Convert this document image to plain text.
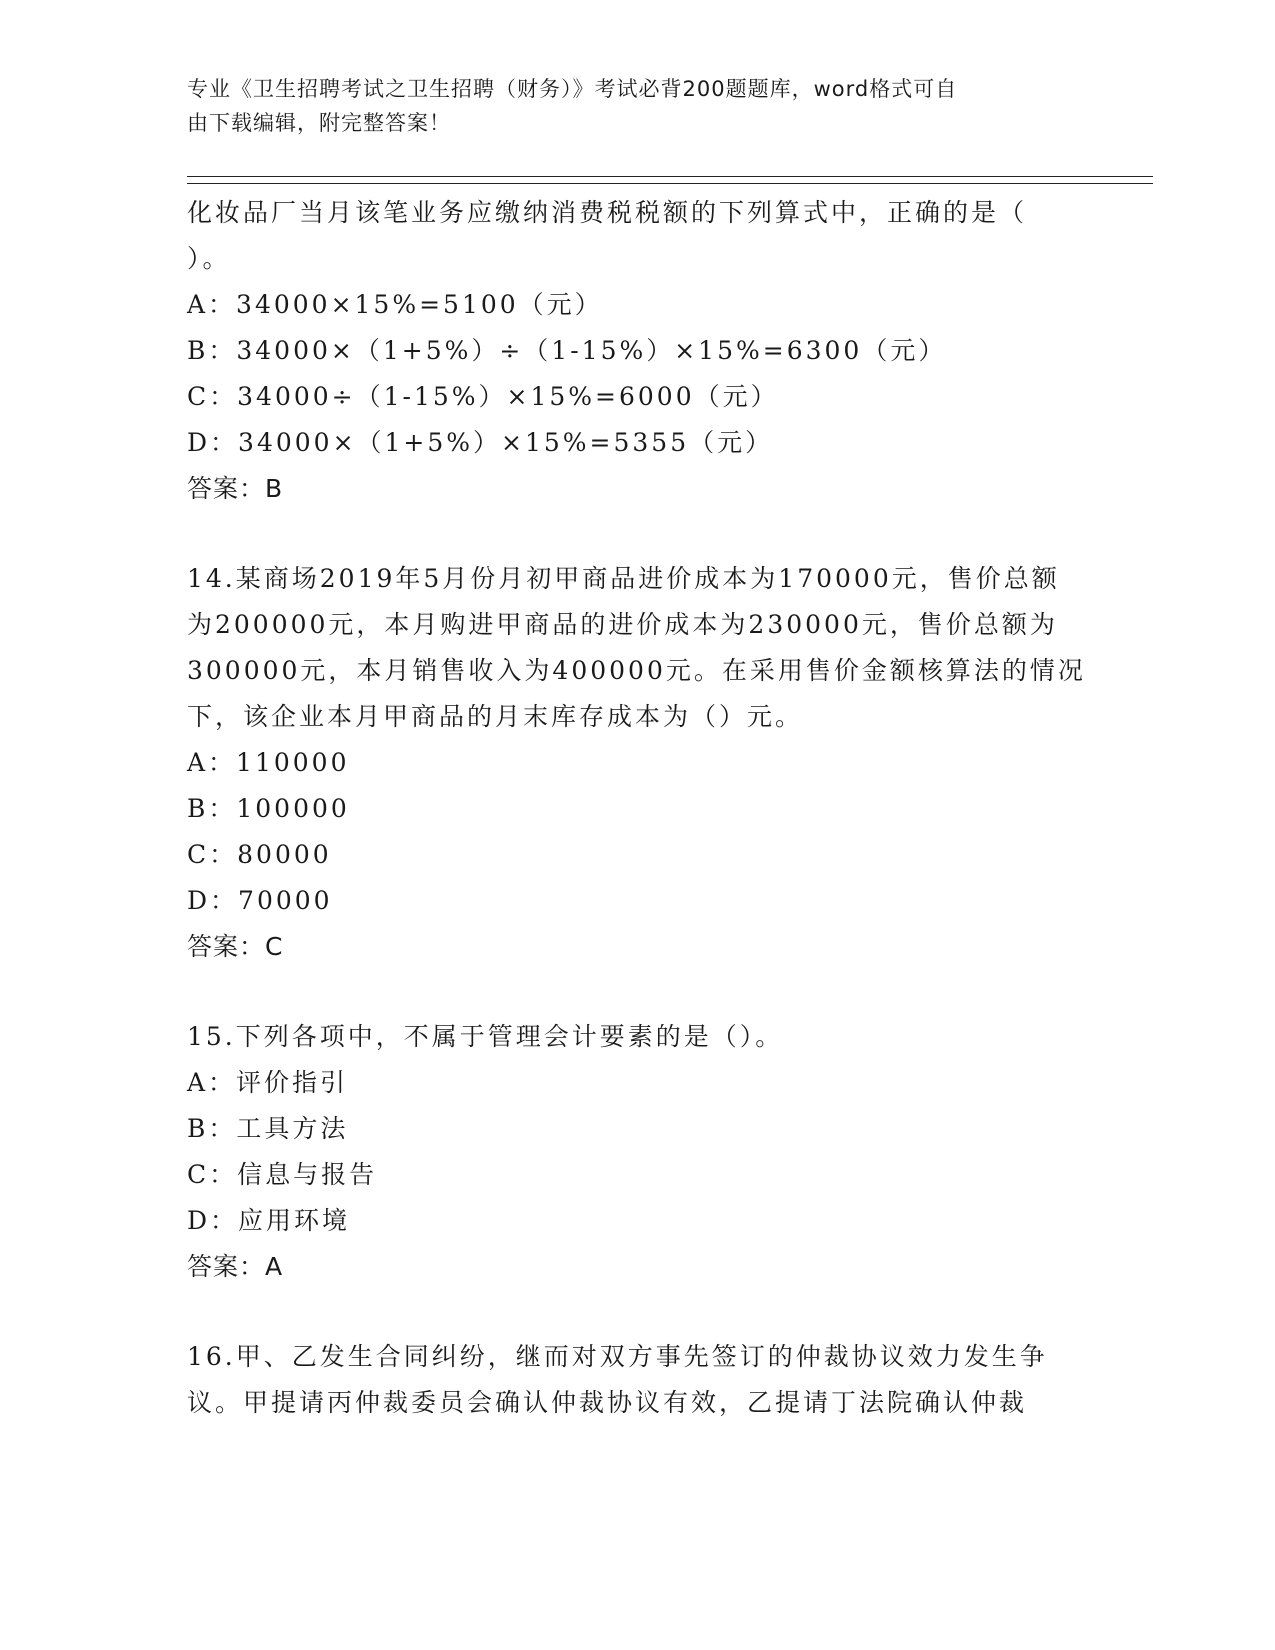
专业《卫生招聘考试之卫生招聘（财务）》考试必背200题题库，word格式可自
由下载编辑，附完整答案！
化妆品厂当月该笔业务应缴纳消费税税额的下列算式中，正确的是（
）。
A：34000×15%=5100（元）
B：34000×（1+5%）÷（1-15%）×15%=6300（元）
C：34000÷（1-15%）×15%=6000（元）
D：34000×（1+5%）×15%=5355（元）
答案：B
14.某商场2019年5月份月初甲商品进价成本为170000元，售价总额
为200000元，本月购进甲商品的进价成本为230000元，售价总额为
300000元，本月销售收入为400000元。在采用售价金额核算法的情况
下，该企业本月甲商品的月末库存成本为（）元。
A：110000
B：100000
C：80000
D：70000
答案：C
15.下列各项中，不属于管理会计要素的是（）。
A：评价指引
B：工具方法
C：信息与报告
D：应用环境
答案：A
16.甲、乙发生合同纠纷，继而对双方事先签订的仲裁协议效力发生争
议。甲提请丙仲裁委员会确认仲裁协议有效，乙提请丁法院确认仲裁
